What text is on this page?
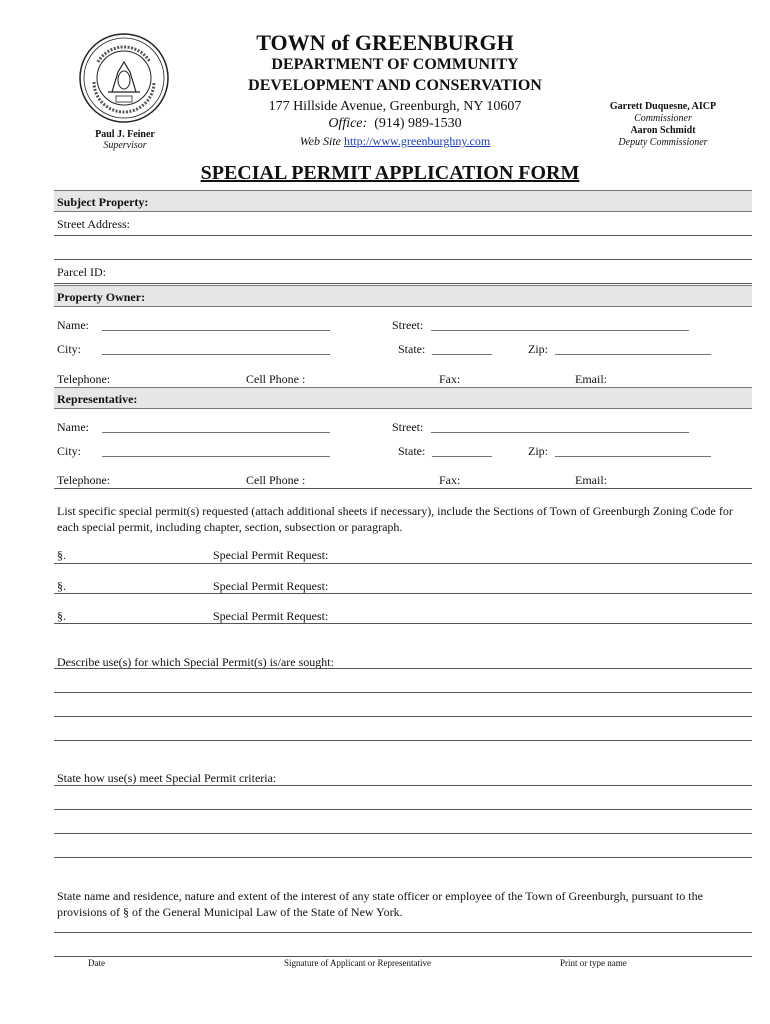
TOWN of GREENBURGH
DEPARTMENT OF COMMUNITY
DEVELOPMENT AND CONSERVATION
177 Hillside Avenue, Greenburgh, NY 10607
Office: (914) 989-1530
Web Site http://www.greenburghny.com
Paul J. Feiner
Supervisor
Garrett Duquesne, AICP
Commissioner
Aaron Schmidt
Deputy Commissioner
SPECIAL PERMIT APPLICATION FORM
Subject Property:
Street Address:
Parcel ID:
Property Owner:
Name: ______________________________________	Street: ___________________________________________
City: ______________________________________	State: __________	Zip: __________________________
Telephone:	Cell Phone :	Fax:	Email:
Representative:
Name: ______________________________________	Street: ___________________________________________
City: ______________________________________	State: __________	Zip: __________________________
Telephone:	Cell Phone :	Fax:	Email:
List specific special permit(s) requested (attach additional sheets if necessary), include the Sections of Town of Greenburgh Zoning Code for each special permit, including chapter, section, subsection or paragraph.
§.	Special Permit Request:
§.	Special Permit Request:
§.	Special Permit Request:
Describe use(s) for which Special Permit(s) is/are sought:
State how use(s) meet Special Permit criteria:
State name and residence, nature and extent of the interest of any state officer or employee of the Town of Greenburgh, pursuant to the provisions of § of the General Municipal Law of the State of New York.
Date	Signature of Applicant or Representative	Print or type name
